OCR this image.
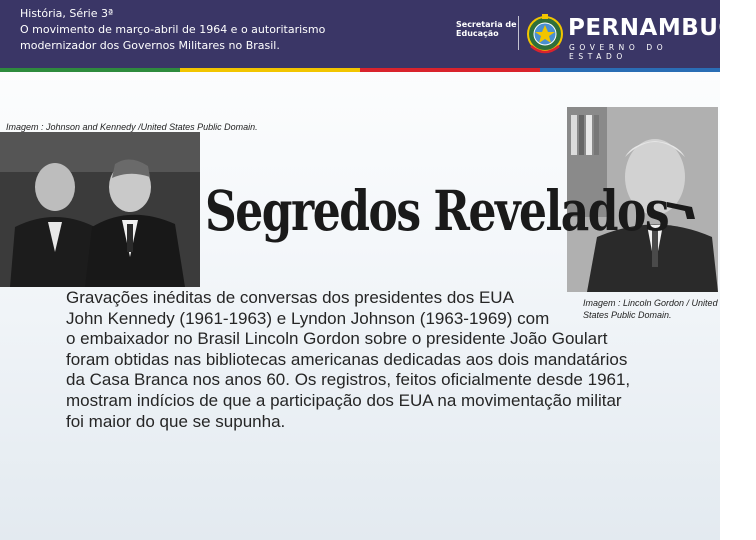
História, Série 3ª
O movimento de março-abril de 1964 e o autoritarismo
modernizador dos Governos Militares no Brasil.
Secretaria de
Educação	PERNAMBUCO
GOVERNO DO ESTADO
Imagem : Johnson and Kennedy /United States Public Domain.
Imagem : Lincoln Gordon / United States Public Domain.
Segredos Revelados
Gravações inéditas de conversas dos presidentes dos EUA
John Kennedy (1961-1963) e Lyndon Johnson (1963-1969) com
o embaixador no Brasil Lincoln Gordon sobre o presidente João Goulart
foram obtidas nas bibliotecas americanas dedicadas aos dois mandatários
da Casa Branca nos anos 60. Os registros, feitos oficialmente desde 1961,
mostram indícios de que a participação dos EUA na movimentação militar
foi maior do que se supunha.
